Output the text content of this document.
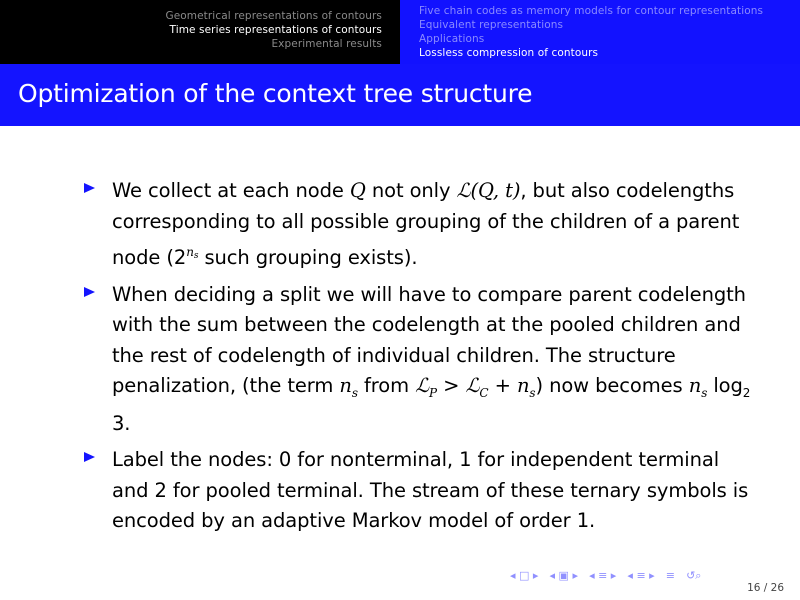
Geometrical representations of contours
Time series representations of contours
Experimental results
Five chain codes as memory models for contour representations
Equivalent representations
Applications
Lossless compression of contours
Optimization of the context tree structure
We collect at each node Q not only ℒ(Q, t), but also codelengths corresponding to all possible grouping of the children of a parent node ($2^{ns}$ such grouping exists).
When deciding a split we will have to compare parent codelength with the sum between the codelength at the pooled children and the rest of codelength of individual children. The structure penalization, (the term $n_s$ from ℒ$_P$ > ℒ$_C$ + $n_s$) now becomes $n_s$ $\log_2 3$.
Label the nodes: 0 for nonterminal, 1 for independent terminal and 2 for pooled terminal. The stream of these ternary symbols is encoded by an adaptive Markov model of order 1.
◂ □ ▸ ◂ ▣ ▸ ◂ ≡ ▸ ◂ ≡ ▸ ≡ ↺⌕
16 / 26
